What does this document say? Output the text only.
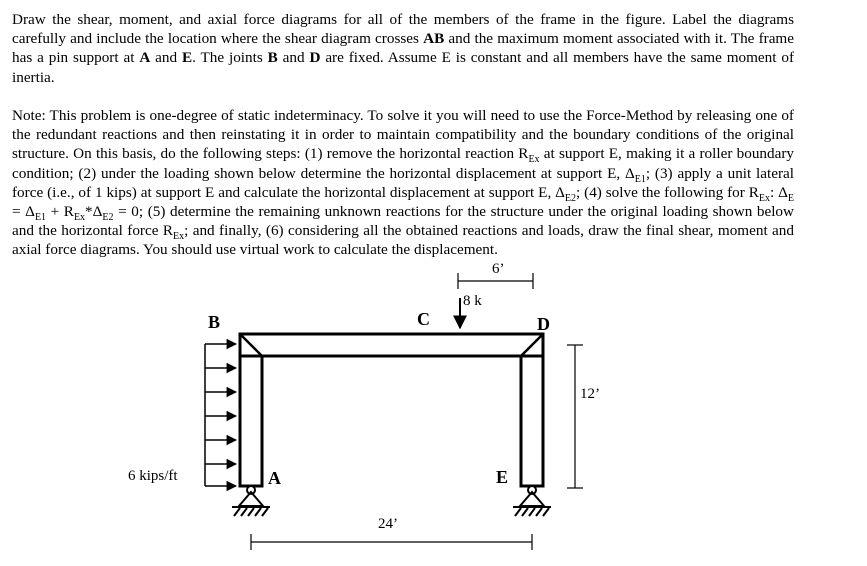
Draw the shear, moment, and axial force diagrams for all of the members of the frame in the figure. Label the diagrams carefully and include the location where the shear diagram crosses AB and the maximum moment associated with it. The frame has a pin support at A and E. The joints B and D are fixed. Assume E is constant and all members have the same moment of inertia.

Note: This problem is one-degree of static indeterminacy. To solve it you will need to use the Force-Method by releasing one of the redundant reactions and then reinstating it in order to maintain compatibility and the boundary conditions of the original structure. On this basis, do the following steps: (1) remove the horizontal reaction $R_{Ex}$ at support E, making it a roller boundary condition; (2) under the loading shown below determine the horizontal displacement at support E, $\Delta_{E1}$; (3) apply a unit lateral force (i.e., of 1 kips) at support E and calculate the horizontal displacement at support E, $\Delta_{E2}$; (4) solve the following for $R_{Ex}$: $\Delta_E = \Delta_{E1} + R_{Ex}*\Delta_{E2} = 0$; (5) determine the remaining unknown reactions for the structure under the original loading shown below and the horizontal force $R_{Ex}$; and finally, (6) considering all the obtained reactions and loads, draw the final shear, moment and axial force diagrams. You should use virtual work to calculate the displacement.

B	C	D
A	E
8 k
6’
6 kips/ft
12’
24’
